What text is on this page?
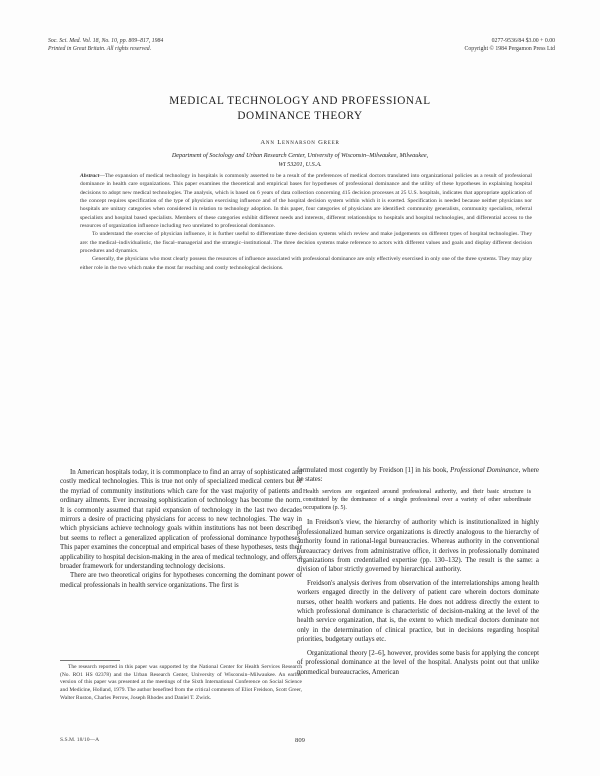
Soc. Sci. Med. Vol. 18, No. 10, pp. 809–817, 1984
Printed in Great Britain. All rights reserved.
0277-9536/84 $3.00 + 0.00
Copyright © 1984 Pergamon Press Ltd
MEDICAL TECHNOLOGY AND PROFESSIONAL
DOMINANCE THEORY
Ann Lennarson Greer
Department of Sociology and Urban Research Center, University of Wisconsin–Milwaukee, Milwaukee,
WI 53201, U.S.A.

Abstract—The expansion of medical technology in hospitals is commonly asserted to be a result of the preferences of medical doctors translated into organizational policies as a result of professional dominance in health care organizations. This paper examines the theoretical and empirical bases for hypotheses of professional dominance and the utility of these hypotheses in explaining hospital decisions to adopt new medical technologies. The analysis, which is based on 6 years of data collection concerning 415 decision processes at 25 U.S. hospitals, indicates that appropriate application of the concept requires specification of the type of physician exercising influence and of the hospital decision system within which it is exerted. Specification is needed because neither physicians nor hospitals are unitary categories when considered in relation to technology adoption. In this paper, four categories of physicians are identified: community generalists, community specialists, referral specialists and hospital based specialists. Members of these categories exhibit different needs and interests, different relationships to hospitals and hospital technologies, and differential access to the resources of organization influence including two unrelated to professional dominance.

To understand the exercise of physician influence, it is further useful to differentiate three decision systems which review and make judgements on different types of hospital technologies. They are: the medical–individualistic, the fiscal–managerial and the strategic–institutional. The three decision systems make reference to actors with different values and goals and display different decision procedures and dynamics.

Generally, the physicians who most clearly possess the resources of influence associated with professional dominance are only effectively exercised in only one of the three systems. They may play either role in the two which make the most far reaching and costly technological decisions.

In American hospitals today, it is commonplace to find an array of sophisticated and costly medical technologies. This is true not only of specialized medical centers but of the myriad of community institutions which care for the vast majority of patients and ordinary ailments. Ever increasing sophistication of technology has become the norm. It is commonly assumed that rapid expansion of technology in the last two decades mirrors a desire of practicing physicians for access to new technologies. The way in which physicians achieve technology goals within institutions has not been described but seems to reflect a generalized application of professional dominance hypotheses. This paper examines the conceptual and empirical bases of these hypotheses, tests their applicability to hospital decision-making in the area of medical technology, and offers a broader framework for understanding technology decisions.

There are two theoretical origins for hypotheses concerning the dominant power of medical professionals in health service organizations. The first is

The research reported in this paper was supported by the National Center for Health Services Research (No. RO1 HS 02378) and the Urban Research Center, University of Wisconsin–Milwaukee. An earlier version of this paper was presented at the meetings of the Sixth International Conference on Social Science and Medicine, Holland, 1979. The author benefited from the critical comments of Eliot Freidson, Scott Greer, Walter Ruston, Charles Perrow, Joseph Rhodes and Daniel T. Zwick.

S.S.M. 18/10—A	809

formulated most cogently by Freidson [1] in his book, Professional Dominance, where he states:

Health services are organized around professional authority, and their basic structure is constituted by the dominance of a single professional over a variety of other subordinate occupations (p. 5).

In Freidson's view, the hierarchy of authority which is institutionalized in highly professionalized human service organizations is directly analogous to the hierarchy of authority found in rational-legal bureaucracies. Whereas authority in the conventional bureaucracy derives from administrative office, it derives in professionally dominated organizations from credentialled expertise (pp. 130–132). The result is the same: a division of labor strictly governed by hierarchical authority.

Freidson's analysis derives from observation of the interrelationships among health workers engaged directly in the delivery of patient care wherein doctors dominate nurses, other health workers and patients. He does not address directly the extent to which professional dominance is characteristic of decision-making at the level of the health service organization, that is, the extent to which medical doctors dominate not only in the determination of clinical practice, but in decisions regarding hospital priorities, budgetary outlays etc.

Organizational theory [2–6], however, provides some basis for applying the concept of professional dominance at the level of the hospital. Analysts point out that unlike nonmedical bureaucracies, American
